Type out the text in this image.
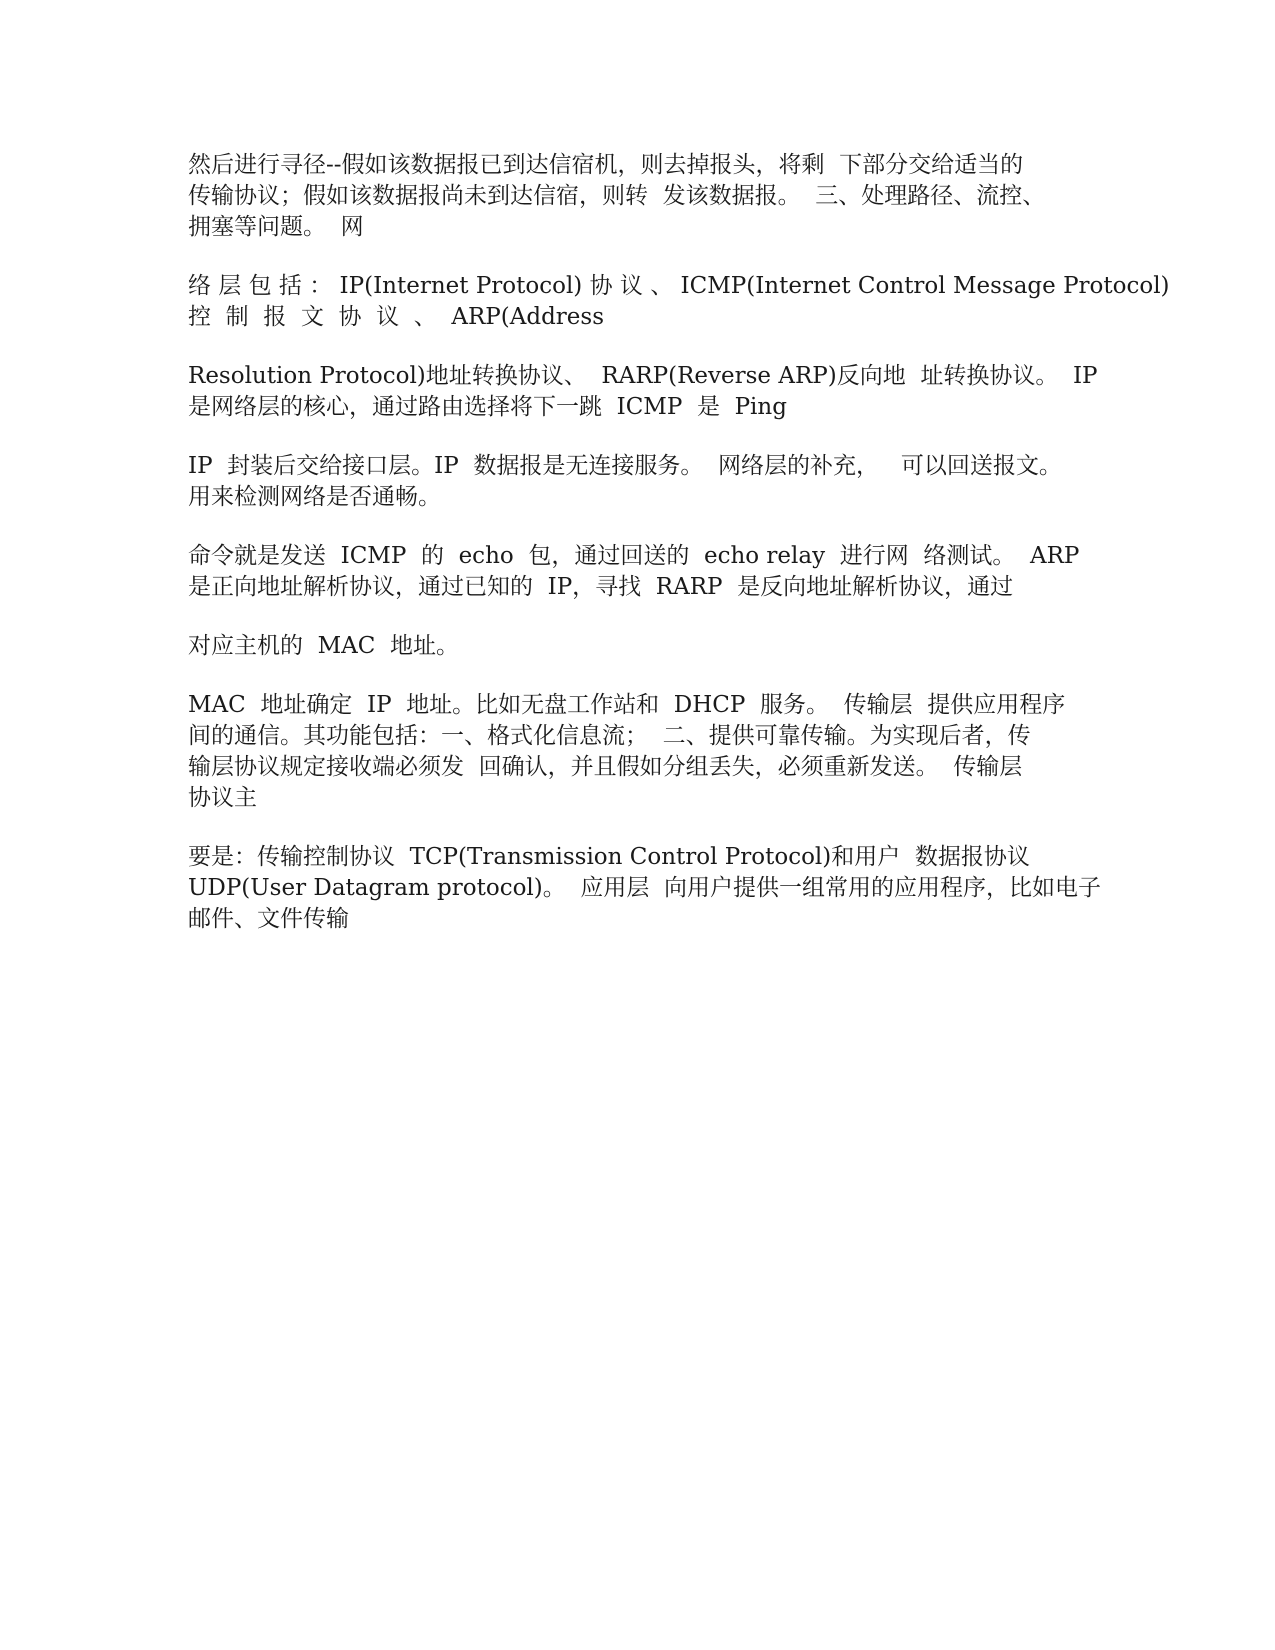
然后进行寻径--假如该数据报已到达信宿机，则去掉报头，将剩  下部分交给适当的
传输协议；假如该数据报尚未到达信宿，则转  发该数据报。  三、处理路径、流控、
拥塞等问题。  网

络 层 包 括 ： IP(Internet Protocol) 协 议 、 ICMP(Internet Control Message Protocol)
控  制  报  文  协  议  、  ARP(Address

Resolution Protocol)地址转换协议、  RARP(Reverse ARP)反向地  址转换协议。  IP
是网络层的核心，通过路由选择将下一跳  ICMP  是  Ping

IP  封装后交给接口层。IP  数据报是无连接服务。  网络层的补充，   可以回送报文。
用来检测网络是否通畅。

命令就是发送  ICMP  的  echo  包，通过回送的  echo relay  进行网  络测试。  ARP
是正向地址解析协议，通过已知的  IP，寻找  RARP  是反向地址解析协议，通过

对应主机的  MAC  地址。

MAC  地址确定  IP  地址。比如无盘工作站和  DHCP  服务。  传输层  提供应用程序
间的通信。其功能包括：一、格式化信息流；  二、提供可靠传输。为实现后者，传
输层协议规定接收端必须发  回确认，并且假如分组丢失，必须重新发送。  传输层
协议主

要是：传输控制协议  TCP(Transmission Control Protocol)和用户  数据报协议
UDP(User Datagram protocol)。  应用层  向用户提供一组常用的应用程序，比如电子
邮件、文件传输
